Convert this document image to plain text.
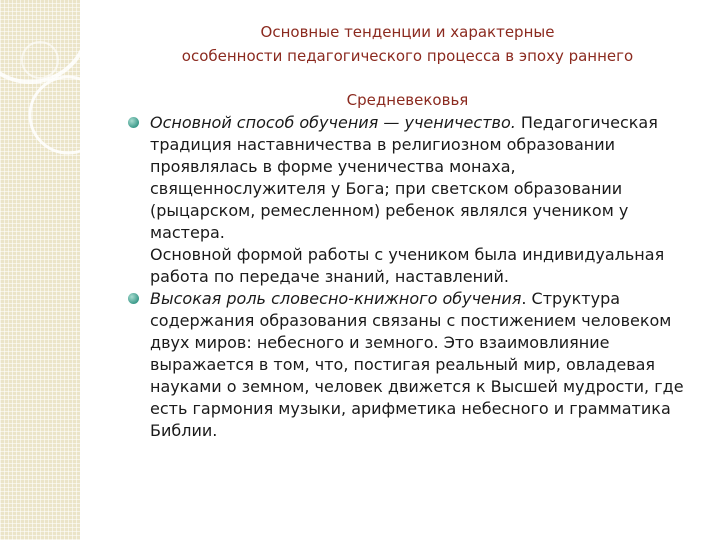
Основные тенденции и характерные
особенности педагогического процесса в эпоху раннего
Средневековья
Основной способ обучения — ученичество. Педагогическая традиция наставничества в религиозном образовании проявлялась в форме ученичества монаха, священнослужителя у Бога; при светском образовании (рыцарском, ремесленном) ребенок являлся учеником у мастера.
Основной формой работы с учеником была индивидуальная работа по передаче знаний, наставлений.
Высокая роль словесно-книжного обучения. Структура содержания образования связаны с постижением человеком двух миров: небесного и земного. Это взаимовлияние выражается в том, что, постигая реальный мир, овладевая науками о земном, человек движется к Высшей мудрости, где есть гармония музыки, арифметика небесного и грамматика Библии.
